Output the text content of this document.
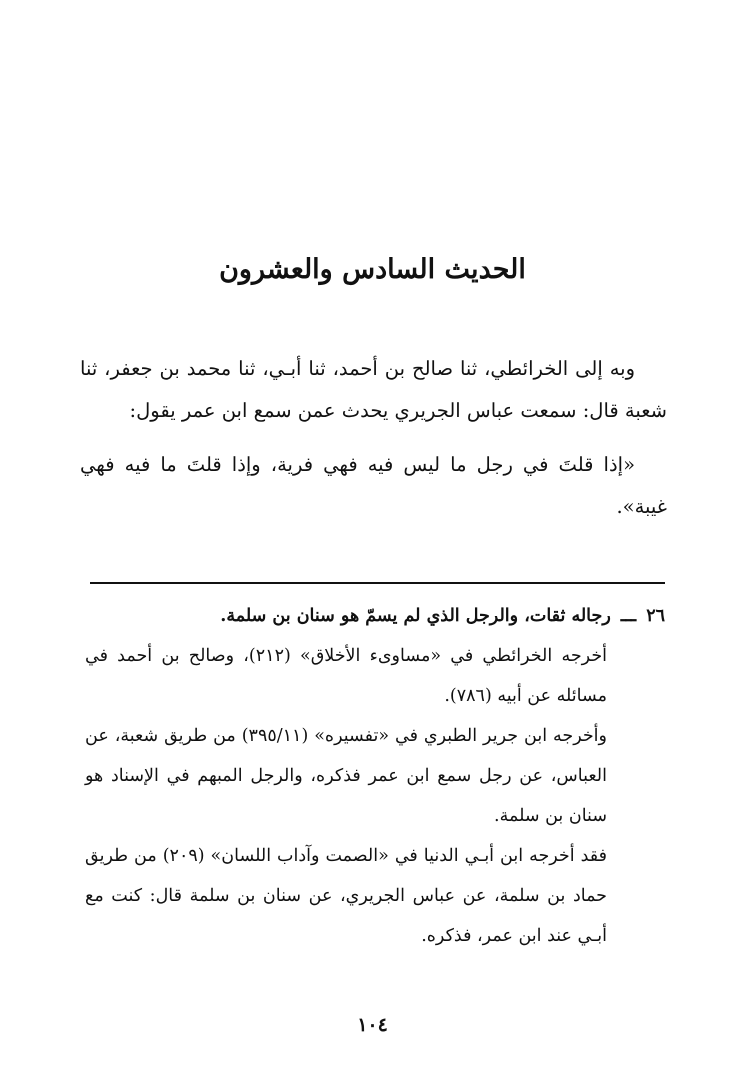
الحديث السادس والعشرون

وبه إلى الخرائطي، ثنا صالح بن أحمد، ثنا أبـي، ثنا محمد بن جعفر، ثنا شعبة قال: سمعت عباس الجريري يحدث عمن سمع ابن عمر يقول:

«إذا قلتَ في رجل ما ليس فيه فهي فرية، وإذا قلتَ ما فيه فهي غيبة».

٢٦
ـــ
رجاله ثقات، والرجل الذي لم يسمّ هو سنان بن سلمة.

أخرجه الخرائطي في «مساوىء الأخلاق» (٢١٢)، وصالح بن أحمد في مسائله عن أبيه (٧٨٦).

وأخرجه ابن جرير الطبري في «تفسيره» (٣٩٥/١١) من طريق شعبة، عن العباس، عن رجل سمع ابن عمر فذكره، والرجل المبهم في الإسناد هو سنان بن سلمة.

فقد أخرجه ابن أبـي الدنيا في «الصمت وآداب اللسان» (٢٠٩) من طريق حماد بن سلمة، عن عباس الجريري، عن سنان بن سلمة قال: كنت مع أبـي عند ابن عمر، فذكره.

١٠٤
